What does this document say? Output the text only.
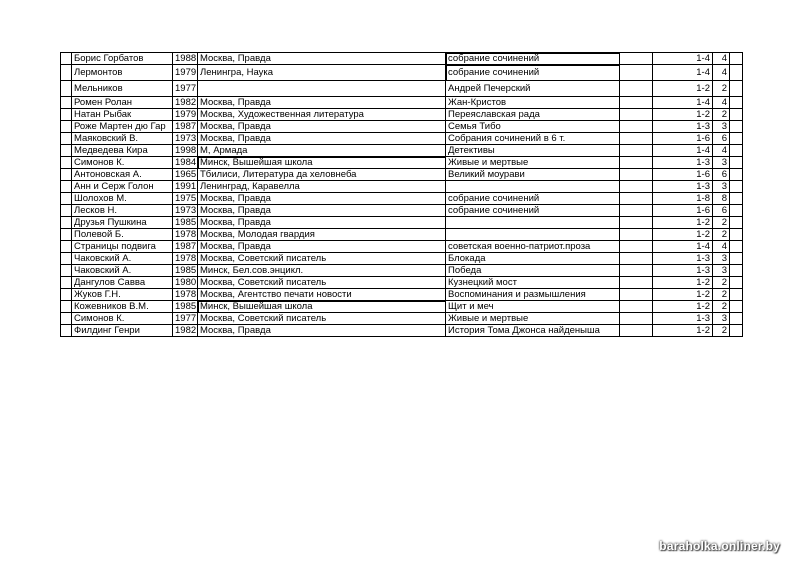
	Борис Горбатов	1988	Москва, Правда	собрание сочинений		1-4	4	
	Лермонтов	1979	Ленингра, Наука	собрание сочинений		1-4	4	
	Мельников	1977		Андрей Печерский		1-2	2	
	Ромен Ролан	1982	Москва, Правда	Жан-Кристов		1-4	4	
	Натан Рыбак	1979	Москва, Художественная литература	Переяславская рада		1-2	2	
	Роже Мартен дю Гар	1987	Москва, Правда	Семья Тибо		1-3	3	
	Маяковский В.	1973	Москва, Правда	Собрания сочинений в 6 т.		1-6	6	
	Медведева Кира	1998	М, Армада	Детективы		1-4	4	
	Симонов К.	1984	Минск, Вышейшая школа	Живые и мертвые		1-3	3	
	Антоновская А.	1965	Тбилиси, Литература да хеловнеба	Великий моурави		1-6	6	
	Анн и Серж Голон	1991	Ленинград, Каравелла			1-3	3	
	Шолохов М.	1975	Москва, Правда	собрание сочинений		1-8	8	
	Лесков Н.	1973	Москва, Правда	собрание сочинений		1-6	6	
	Друзья Пушкина	1985	Москва, Правда			1-2	2	
	Полевой Б.	1978	Москва, Молодая гвардия			1-2	2	
	Страницы подвига	1987	Москва, Правда	советская военно-патриот.проза		1-4	4	
	Чаковский А.	1978	Москва, Советский писатель	Блокада		1-3	3	
	Чаковский А.	1985	Минск, Бел.сов.энцикл.	Победа		1-3	3	
	Дангулов Савва	1980	Москва, Советский писатель	Кузнецкий мост		1-2	2	
	Жуков Г.Н.	1978	Москва, Агентство печати новости	Воспоминания и размышления		1-2	2	
	Кожевников В.М.	1985	Минск, Вышейшая школа	Щит и меч		1-2	2	
	Симонов К.	1977	Москва, Советский писатель	Живые и мертвые		1-3	3	
	Филдинг Генри	1982	Москва, Правда	История Тома Джонса найденыша		1-2	2	
baraholka.onliner.by
